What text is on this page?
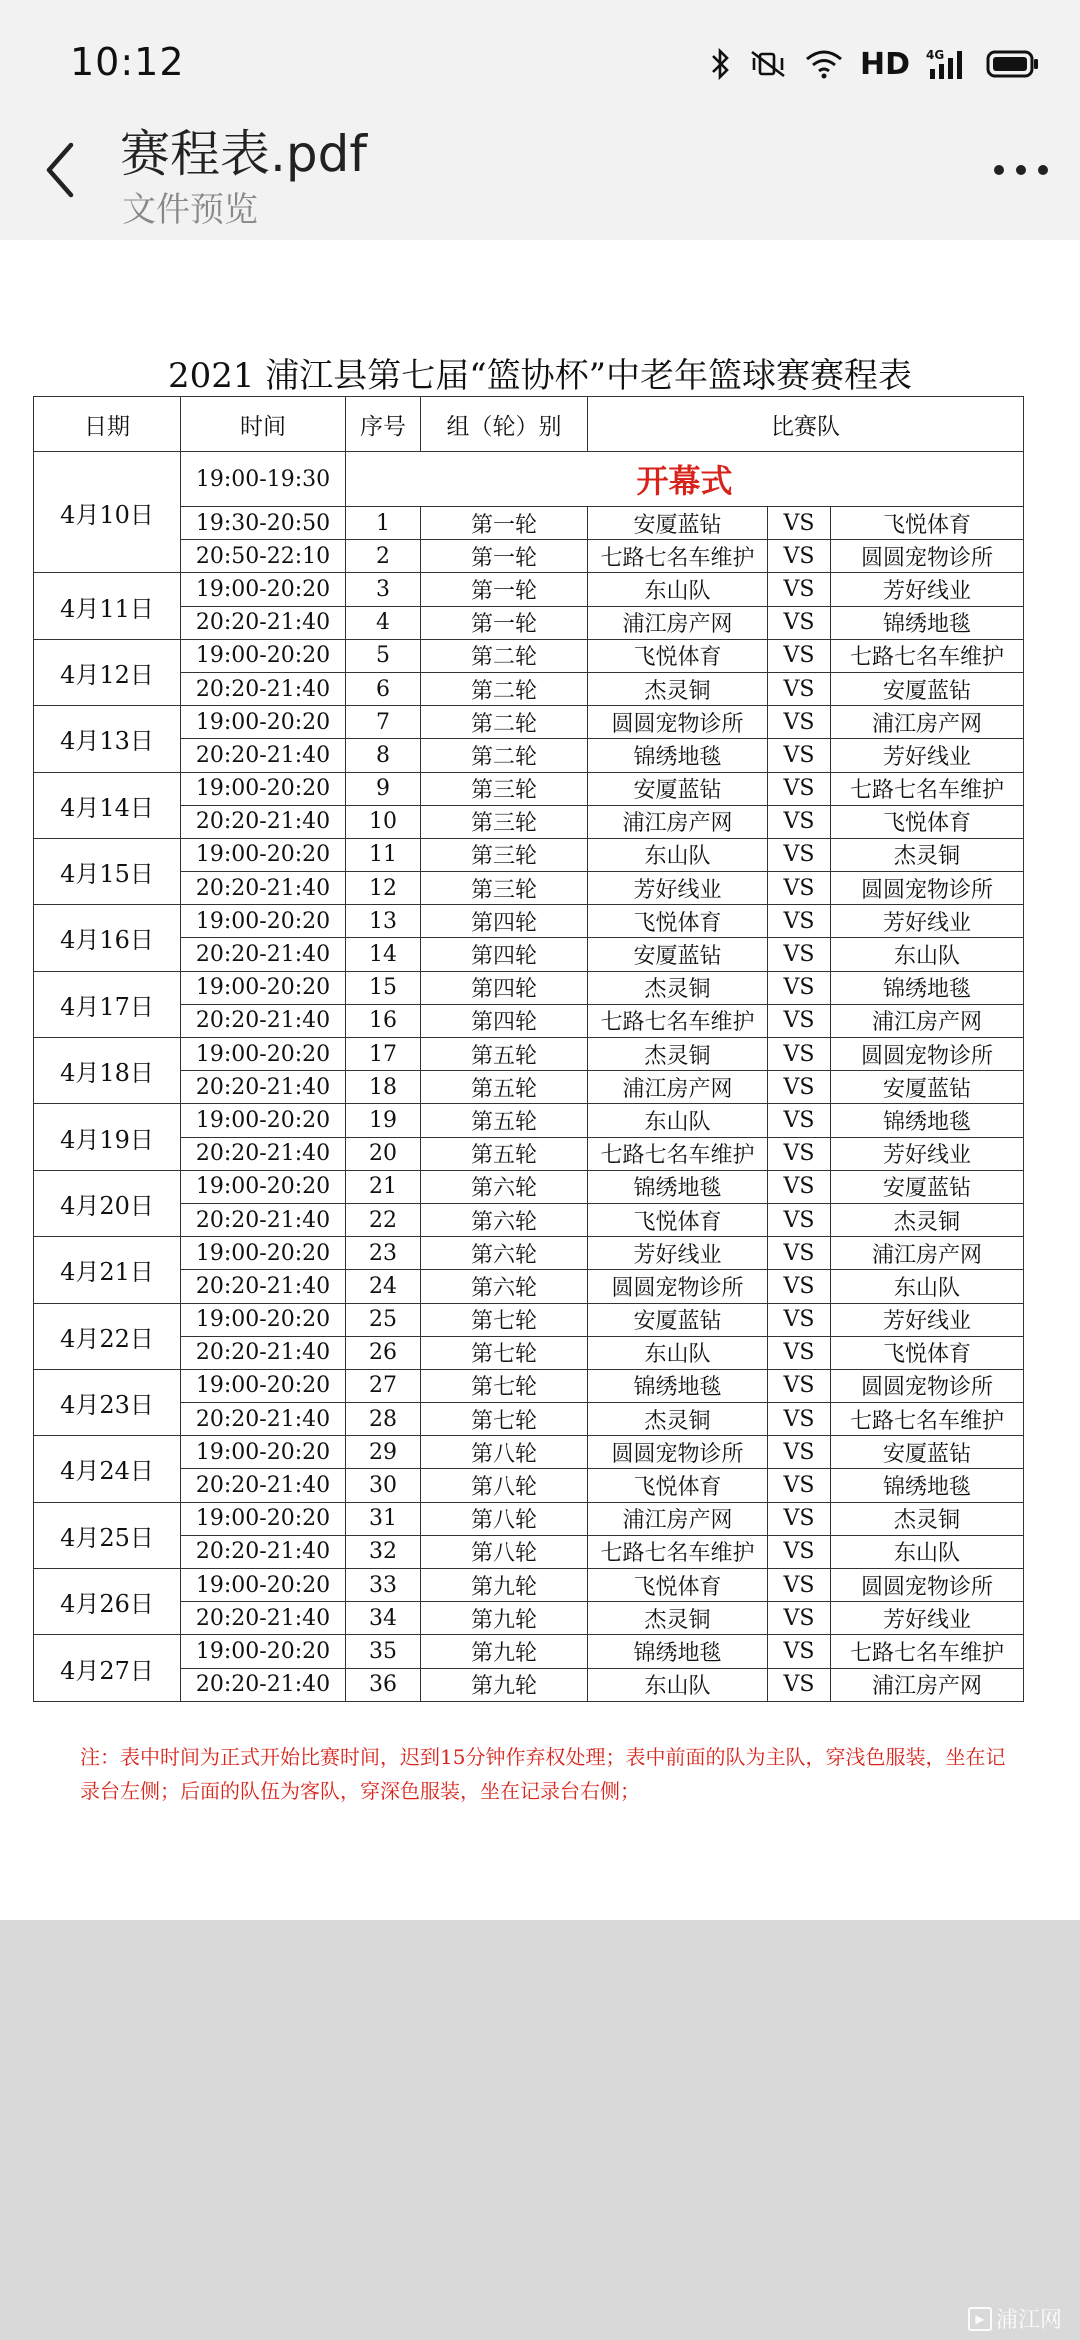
10:12	HD 4G
赛程表.pdf
文件预览
2021 浦江县第七届“篮协杯”中老年篮球赛赛程表
日期	时间	序号	组（轮）别	比赛队		
4月10日	19:00-19:30	开幕式				
	19:30-20:50	1	第一轮	安厦蓝钻	VS	飞悦体育
	20:50-22:10	2	第一轮	七路七名车维护	VS	圆圆宠物诊所
4月11日	19:00-20:20	3	第一轮	东山队	VS	芳好线业
	20:20-21:40	4	第一轮	浦江房产网	VS	锦绣地毯
4月12日	19:00-20:20	5	第二轮	飞悦体育	VS	七路七名车维护
	20:20-21:40	6	第二轮	杰灵铜	VS	安厦蓝钻
4月13日	19:00-20:20	7	第二轮	圆圆宠物诊所	VS	浦江房产网
	20:20-21:40	8	第二轮	锦绣地毯	VS	芳好线业
4月14日	19:00-20:20	9	第三轮	安厦蓝钻	VS	七路七名车维护
	20:20-21:40	10	第三轮	浦江房产网	VS	飞悦体育
4月15日	19:00-20:20	11	第三轮	东山队	VS	杰灵铜
	20:20-21:40	12	第三轮	芳好线业	VS	圆圆宠物诊所
4月16日	19:00-20:20	13	第四轮	飞悦体育	VS	芳好线业
	20:20-21:40	14	第四轮	安厦蓝钻	VS	东山队
4月17日	19:00-20:20	15	第四轮	杰灵铜	VS	锦绣地毯
	20:20-21:40	16	第四轮	七路七名车维护	VS	浦江房产网
4月18日	19:00-20:20	17	第五轮	杰灵铜	VS	圆圆宠物诊所
	20:20-21:40	18	第五轮	浦江房产网	VS	安厦蓝钻
4月19日	19:00-20:20	19	第五轮	东山队	VS	锦绣地毯
	20:20-21:40	20	第五轮	七路七名车维护	VS	芳好线业
4月20日	19:00-20:20	21	第六轮	锦绣地毯	VS	安厦蓝钻
	20:20-21:40	22	第六轮	飞悦体育	VS	杰灵铜
4月21日	19:00-20:20	23	第六轮	芳好线业	VS	浦江房产网
	20:20-21:40	24	第六轮	圆圆宠物诊所	VS	东山队
4月22日	19:00-20:20	25	第七轮	安厦蓝钻	VS	芳好线业
	20:20-21:40	26	第七轮	东山队	VS	飞悦体育
4月23日	19:00-20:20	27	第七轮	锦绣地毯	VS	圆圆宠物诊所
	20:20-21:40	28	第七轮	杰灵铜	VS	七路七名车维护
4月24日	19:00-20:20	29	第八轮	圆圆宠物诊所	VS	安厦蓝钻
	20:20-21:40	30	第八轮	飞悦体育	VS	锦绣地毯
4月25日	19:00-20:20	31	第八轮	浦江房产网	VS	杰灵铜
	20:20-21:40	32	第八轮	七路七名车维护	VS	东山队
4月26日	19:00-20:20	33	第九轮	飞悦体育	VS	圆圆宠物诊所
	20:20-21:40	34	第九轮	杰灵铜	VS	芳好线业
4月27日	19:00-20:20	35	第九轮	锦绣地毯	VS	七路七名车维护
	20:20-21:40	36	第九轮	东山队	VS	浦江房产网
注：表中时间为正式开始比赛时间，迟到15分钟作弃权处理；表中前面的队为主队，穿浅色服装，坐在记录台左侧；后面的队伍为客队，穿深色服装，坐在记录台右侧；
▶ 浦江网
